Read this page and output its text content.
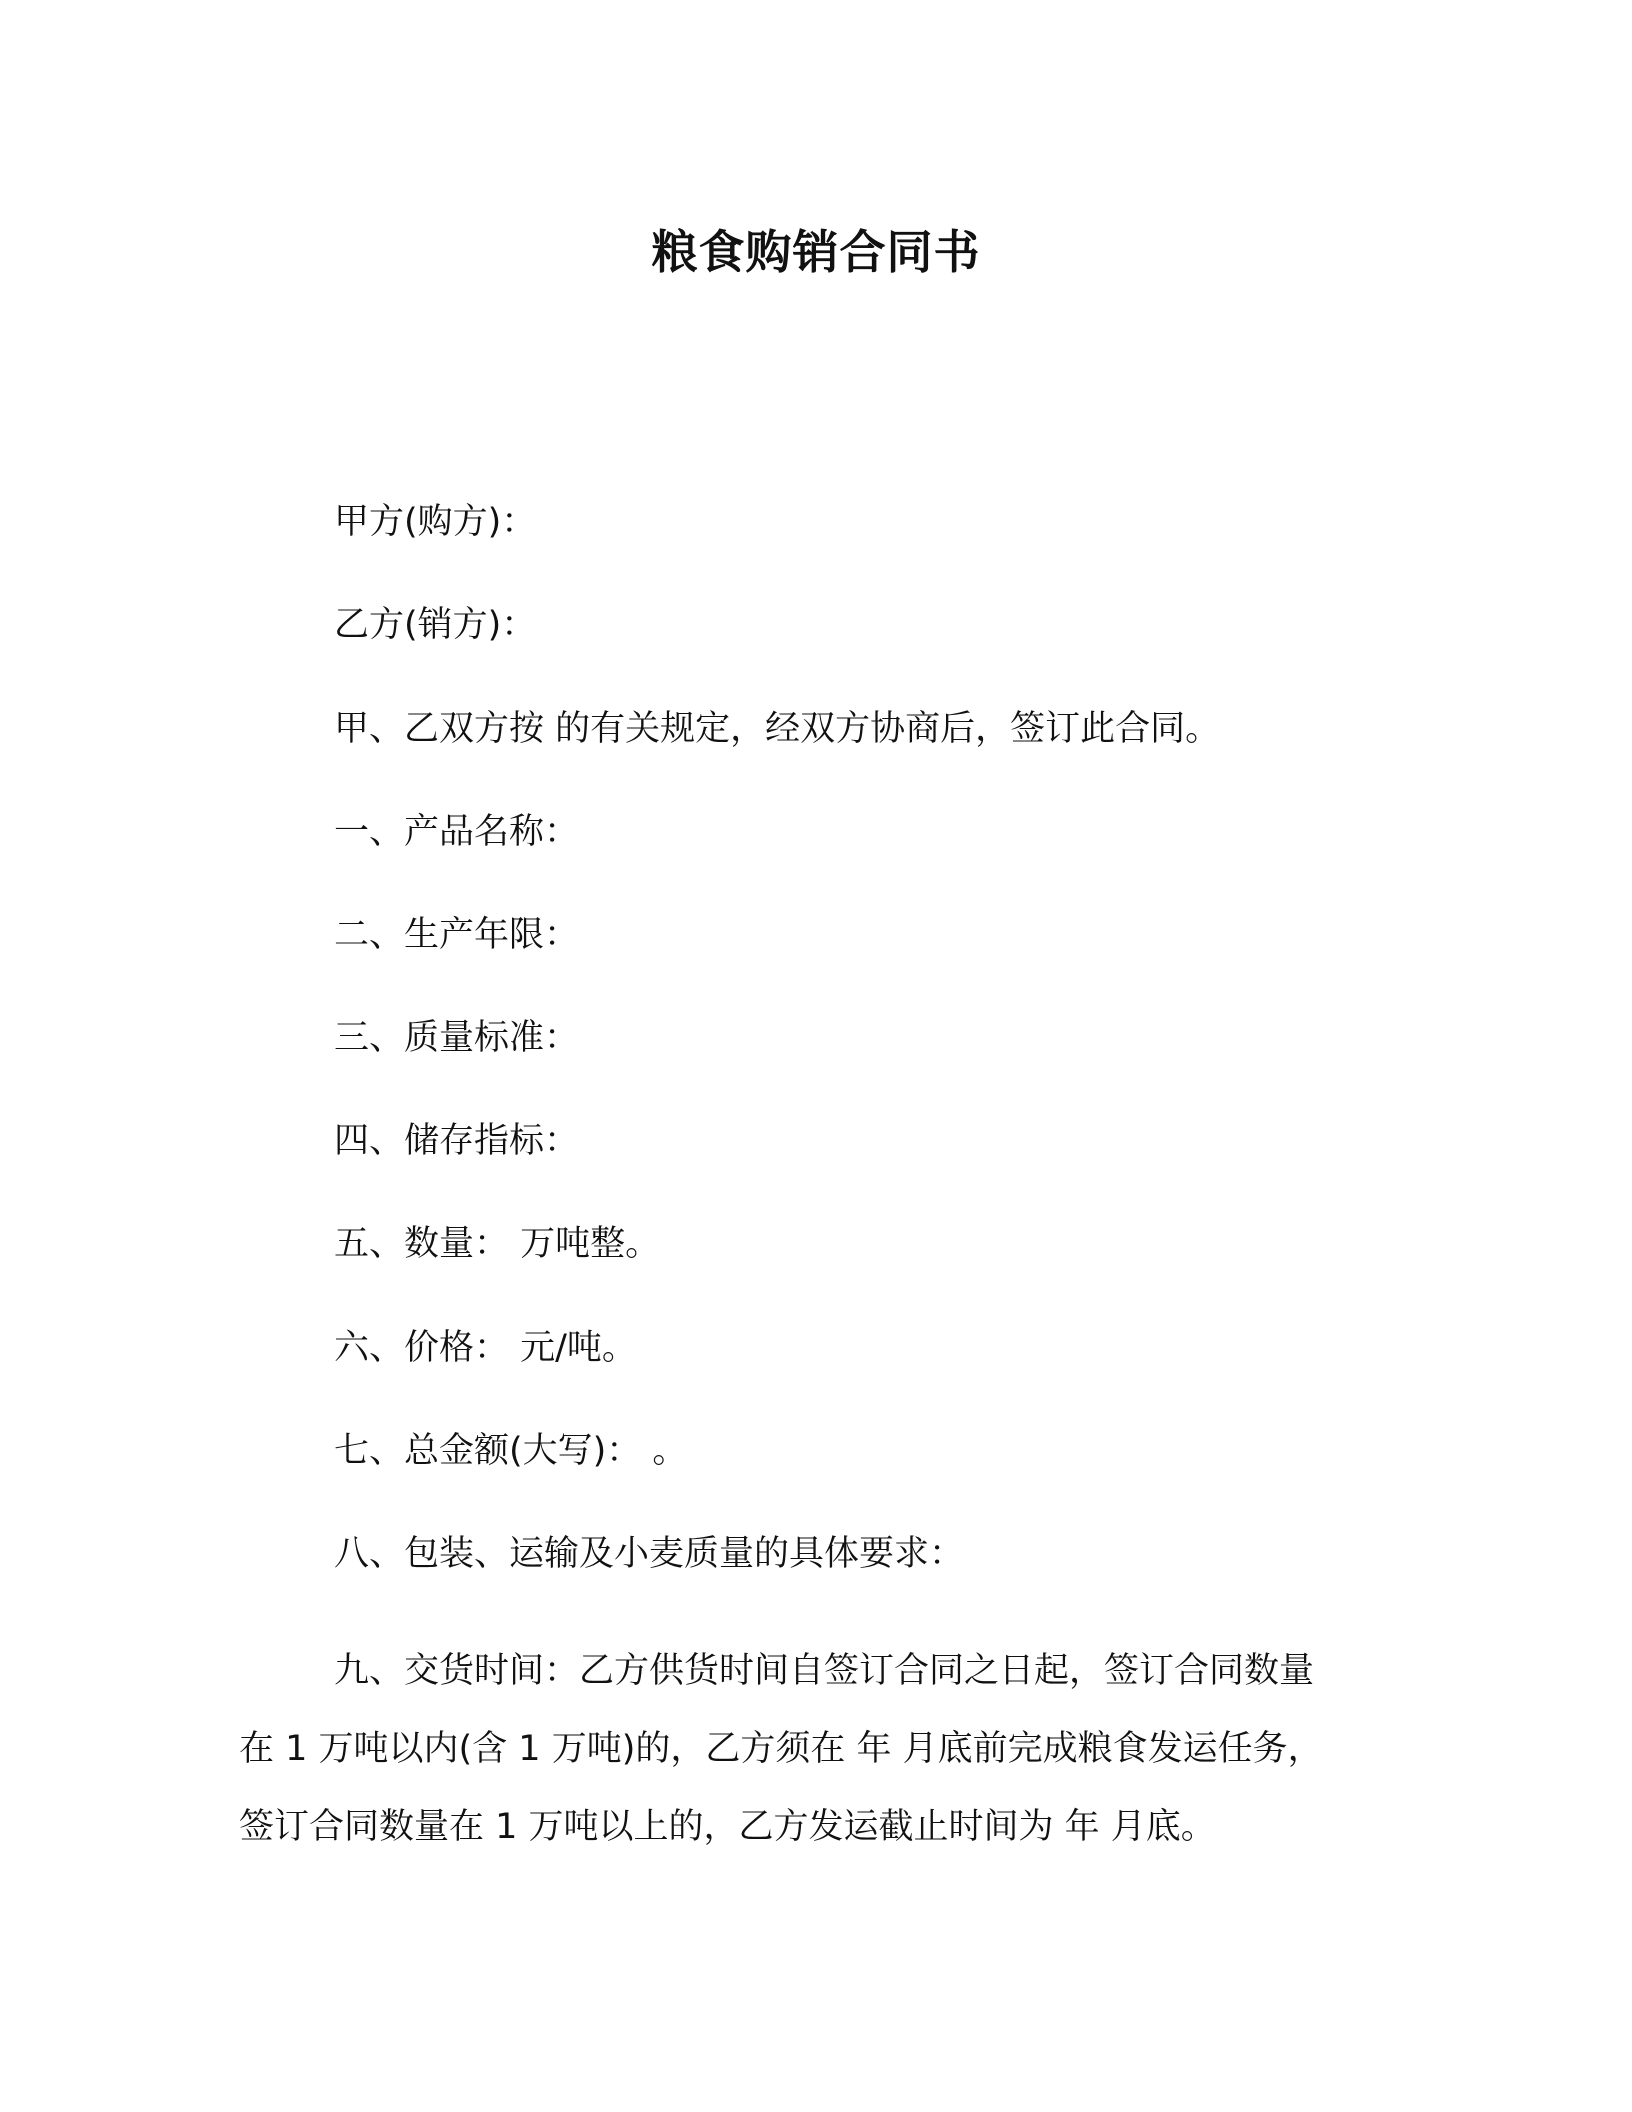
粮食购销合同书
甲方(购方)：
乙方(销方)：
甲、乙双方按 的有关规定，经双方协商后，签订此合同。
一、产品名称：
二、生产年限：
三、质量标准：
四、储存指标：
五、数量： 万吨整。
六、价格： 元/吨。
七、总金额(大写)： 。
八、包装、运输及小麦质量的具体要求：
九、交货时间：乙方供货时间自签订合同之日起，签订合同数量
在 1 万吨以内(含 1 万吨)的，乙方须在 年 月底前完成粮食发运任务，
签订合同数量在 1 万吨以上的，乙方发运截止时间为 年 月底。
